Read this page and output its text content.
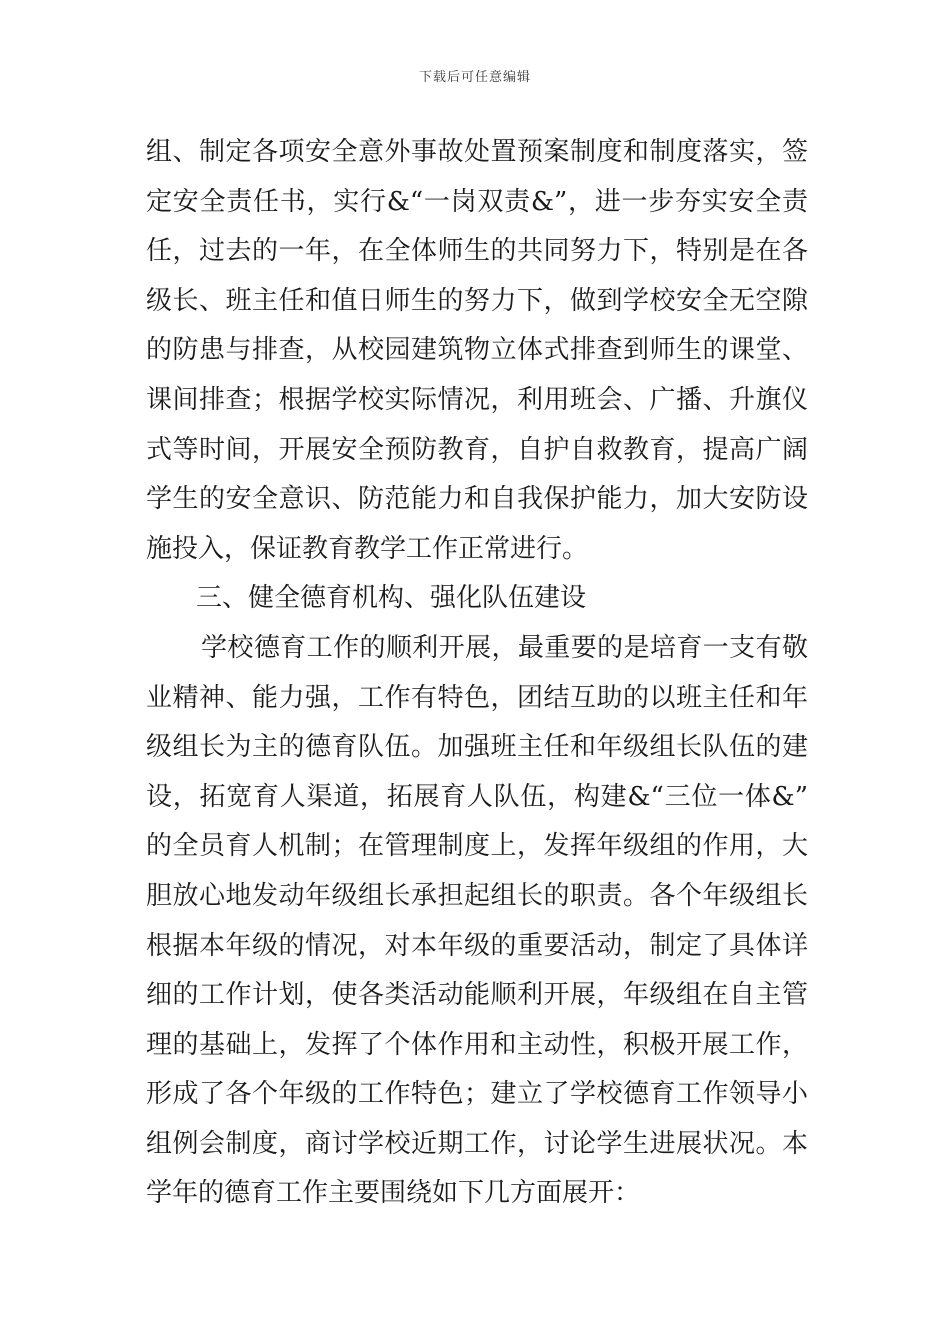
下载后可任意编辑
组、制定各项安全意外事故处置预案制度和制度落实，签
定安全责任书，实行&“一岗双责&”，进一步夯实安全责
任，过去的一年，在全体师生的共同努力下，特别是在各
级长、班主任和值日师生的努力下，做到学校安全无空隙
的防患与排查，从校园建筑物立体式排查到师生的课堂、
课间排查；根据学校实际情况，利用班会、广播、升旗仪
式等时间，开展安全预防教育，自护自救教育，提高广阔
学生的安全意识、防范能力和自我保护能力，加大安防设
施投入，保证教育教学工作正常进行。
三、健全德育机构、强化队伍建设
学校德育工作的顺利开展，最重要的是培育一支有敬
业精神、能力强，工作有特色，团结互助的以班主任和年
级组长为主的德育队伍。加强班主任和年级组长队伍的建
设，拓宽育人渠道，拓展育人队伍，构建&“三位一体&”
的全员育人机制；在管理制度上，发挥年级组的作用，大
胆放心地发动年级组长承担起组长的职责。各个年级组长
根据本年级的情况，对本年级的重要活动，制定了具体详
细的工作计划，使各类活动能顺利开展，年级组在自主管
理的基础上，发挥了个体作用和主动性，积极开展工作，
形成了各个年级的工作特色；建立了学校德育工作领导小
组例会制度，商讨学校近期工作，讨论学生进展状况。本
学年的德育工作主要围绕如下几方面展开：
